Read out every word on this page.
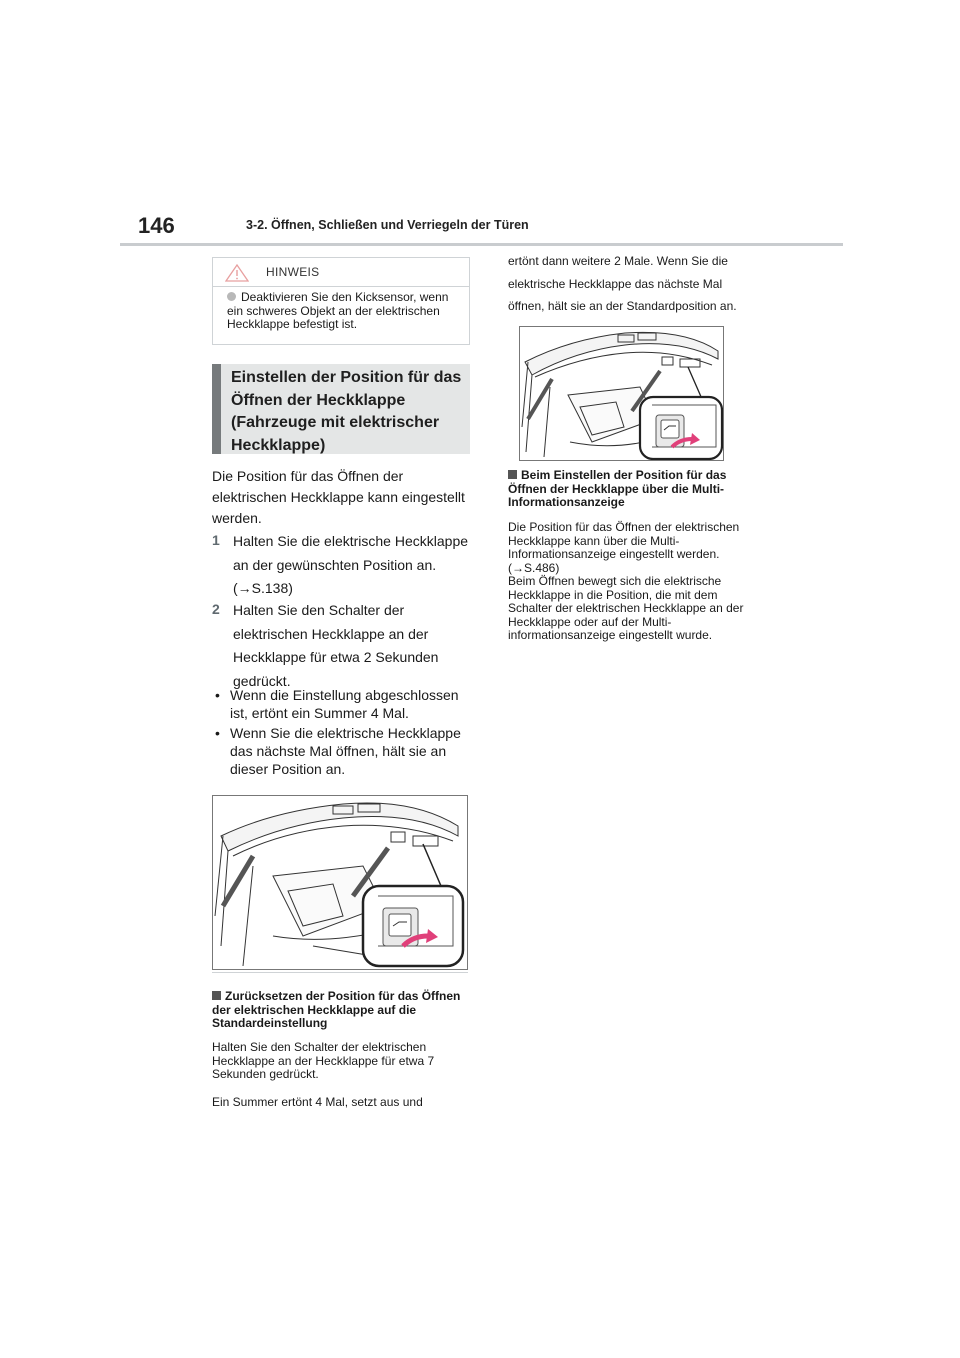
146	3-2. Öffnen, Schließen und Verriegeln der Türen
HINWEIS
Deaktivieren Sie den Kicksensor, wenn ein schweres Objekt an der elektrischen Heckklappe befestigt ist.
Einstellen der Position für das Öffnen der Heckklappe (Fahrzeuge mit elektrischer Heckklappe)
Die Position für das Öffnen der elektrischen Heckklappe kann eingestellt werden.
1 Halten Sie die elektrische Heckklappe an der gewünschten Position an. (→S.138)
2 Halten Sie den Schalter der elektrischen Heckklappe an der Heckklappe für etwa 2 Sekunden gedrückt.
• Wenn die Einstellung abgeschlossen ist, ertönt ein Summer 4 Mal.
• Wenn Sie die elektrische Heckklappe das nächste Mal öffnen, hält sie an dieser Position an.
Zurücksetzen der Position für das Öffnen der elektrischen Heckklappe auf die Standardeinstellung
Halten Sie den Schalter der elektrischen Heckklappe an der Heckklappe für etwa 7 Sekunden gedrückt.
Ein Summer ertönt 4 Mal, setzt aus und
ertönt dann weitere 2 Male. Wenn Sie die elektrische Heckklappe das nächste Mal öffnen, hält sie an der Standardposition an.
Beim Einstellen der Position für das Öffnen der Heckklappe über die Multi-Informationsanzeige
Die Position für das Öffnen der elektrischen Heckklappe kann über die Multi-Informationsanzeige eingestellt werden. (→S.486)
Beim Öffnen bewegt sich die elektrische Heckklappe in die Position, die mit dem Schalter der elektrischen Heckklappe an der Heckklappe oder auf der Multi-informationsanzeige eingestellt wurde.
